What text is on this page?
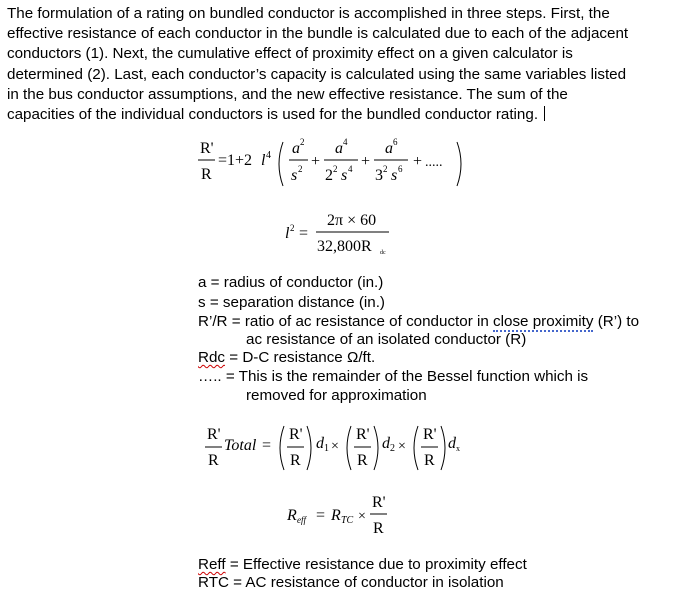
The formulation of a rating on bundled conductor is accomplished in three steps. First, the
effective resistance of each conductor in the bundle is calculated due to each of the adjacent
conductors (1). Next, the cumulative effect of proximity effect on a given calculator is
determined (2). Last, each conductor’s capacity is calculated using the same variables listed
in the bus conductor assumptions, and the new effective resistance. The sum of the
capacities of the individual conductors is used for the bundled conductor rating.
R'
R
=1+2 l 4 a 2
s 2 +
a 4
2 2 s 4 +
a 6
3 2 s 6 + .....
l 2 =
2π × 60
32,800R dc
a = radius of conductor (in.)
s = separation distance (in.)
R’/R = ratio of ac resistance of conductor in close proximity (R’) to
ac resistance of an isolated conductor (R)
Rdc = D-C resistance Ω/ft.
….. = This is the remainder of the Bessel function which is
removed for approximation
R'
R
Total =
R'
R
d 1 ×
R'
R
d 2 ×
R'
R
d x
R eff = R TC ×
R'
R
Reff = Effective resistance due to proximity effect
RTC = AC resistance of conductor in isolation
